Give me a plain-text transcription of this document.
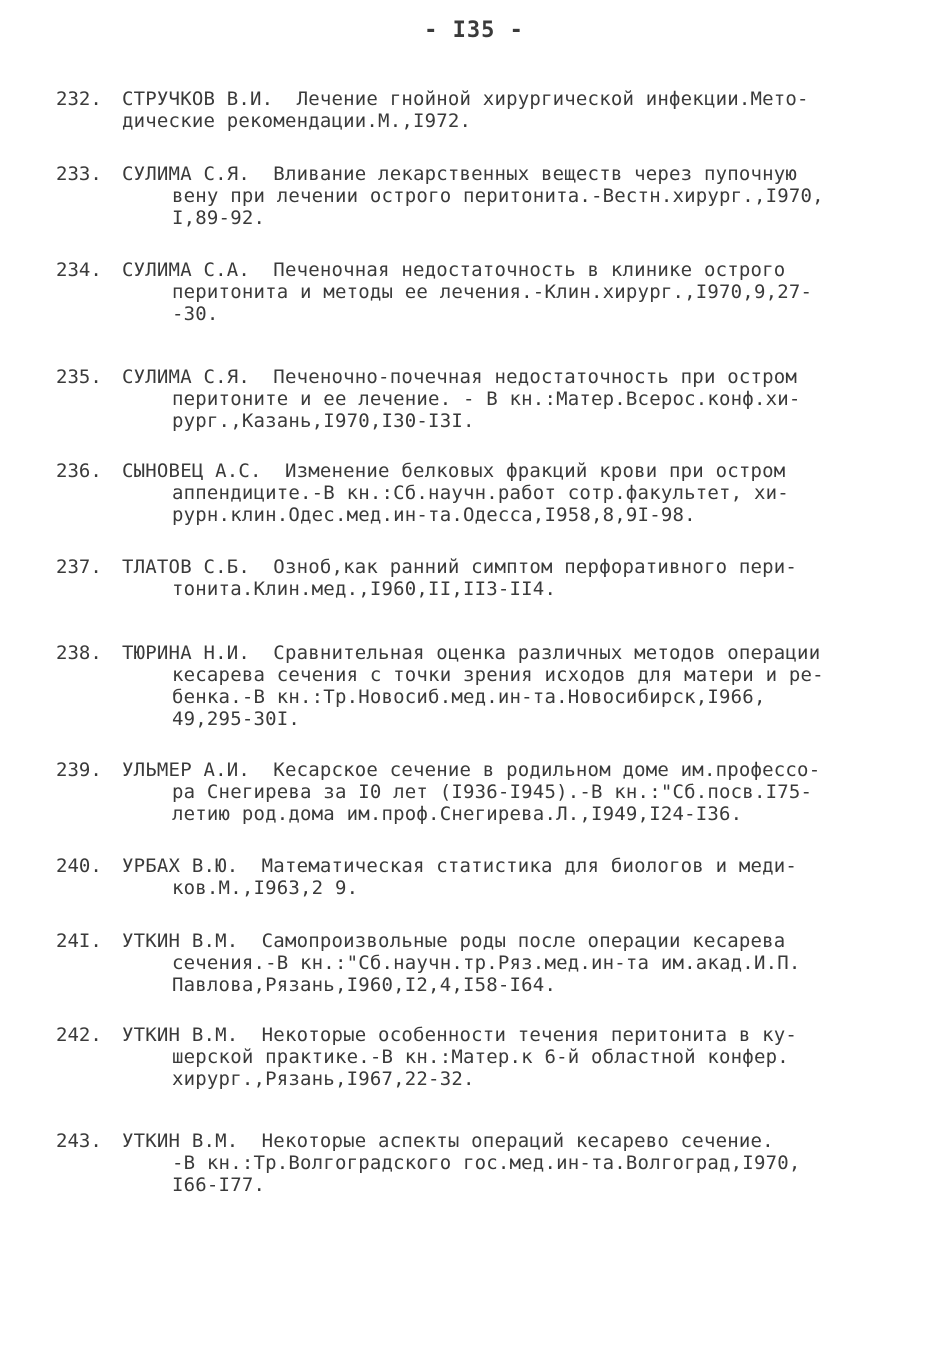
- I35 -
232. СТРУЧКОВ В.И.  Лечение гнойной хирургической инфекции.Мето-
дические рекомендации.М.,I972.
233. СУЛИМА С.Я.  Вливание лекарственных веществ через пупочную
вену при лечении острого перитонита.-Вестн.хирург.,I970,
I,89-92.
234. СУЛИМА С.А.  Печеночная недостаточность в клинике острого
перитонита и методы ее лечения.-Клин.хирург.,I970,9,27-
-30.
235. СУЛИМА С.Я.  Печеночно-почечная недостаточность при остром
перитоните и ее лечение. - В кн.:Матер.Всерос.конф.хи-
рург.,Казань,I970,I30-I3I.
236. СЫНОВЕЦ А.С.  Изменение белковых фракций крови при остром
аппендиците.-В кн.:Сб.научн.работ сотр.факультет, хи-
рурн.клин.Одес.мед.ин-та.Одесса,I958,8,9I-98.
237. ТЛАТОВ С.Б.  Озноб,как ранний симптом перфоративного пери-
тонита.Клин.мед.,I960,II,II3-II4.
238. ТЮРИНА Н.И.  Сравнительная оценка различных методов операции
кесарева сечения с точки зрения исходов для матери и ре-
бенка.-В кн.:Тр.Новосиб.мед.ин-та.Новосибирск,I966,
49,295-30I.
239. УЛЬМЕР А.И.  Кесарское сечение в родильном доме им.профессо-
ра Снегирева за I0 лет (I936-I945).-В кн.:"Сб.посв.I75-
летию род.дома им.проф.Снегирева.Л.,I949,I24-I36.
240. УРБАХ В.Ю.  Математическая статистика для биологов и меди-
ков.М.,I963,2 9.
24I. УТКИН В.М.  Самопроизвольные роды после операции кесарева
сечения.-В кн.:"Сб.научн.тр.Ряз.мед.ин-та им.акад.И.П.
Павлова,Рязань,I960,I2,4,I58-I64.
242. УТКИН В.М.  Некоторые особенности течения перитонита в ку-
шерской практике.-В кн.:Матер.к 6-й областной конфер.
хирург.,Рязань,I967,22-32.
243. УТКИН В.М.  Некоторые аспекты операций кесарево сечение.
-В кн.:Тр.Волгоградского гос.мед.ин-та.Волгоград,I970,
I66-I77.
